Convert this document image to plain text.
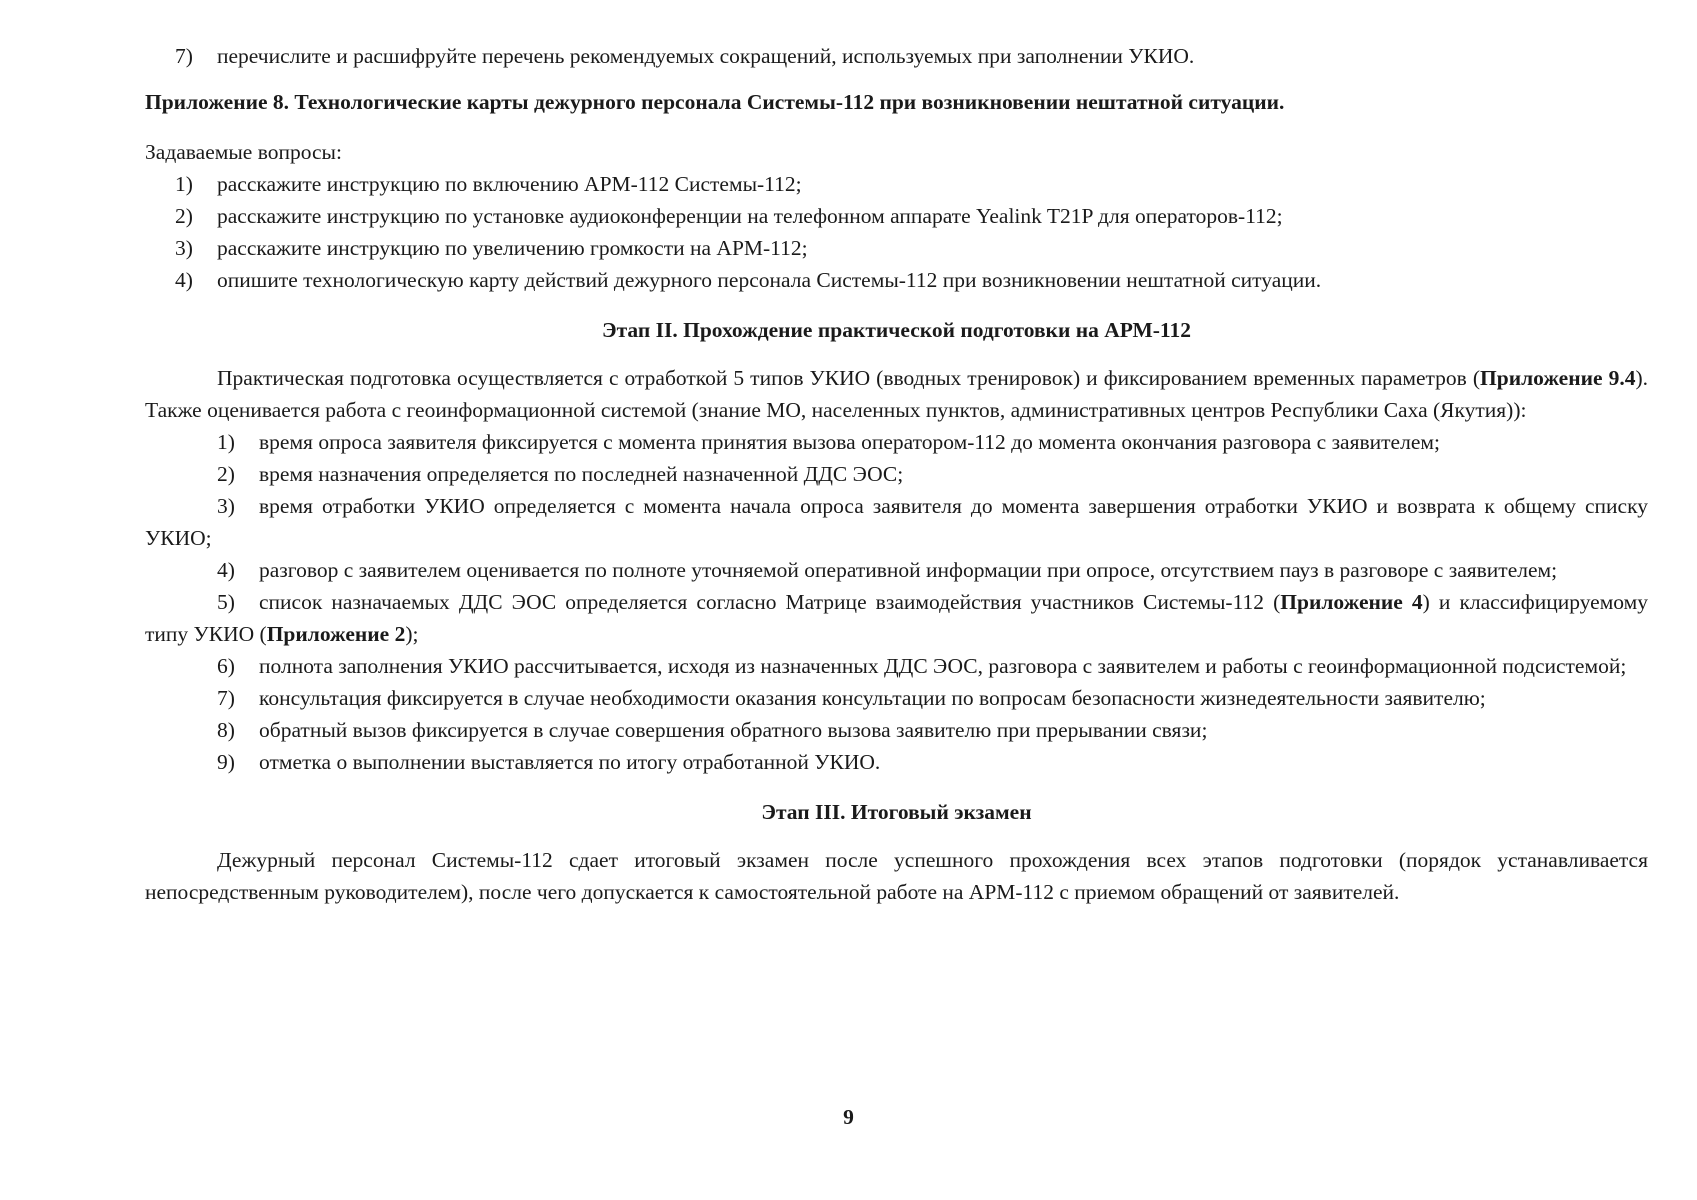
7) перечислите и расшифруйте перечень рекомендуемых сокращений, используемых при заполнении УКИО.

Приложение 8. Технологические карты дежурного персонала Системы-112 при возникновении нештатной ситуации.

Задаваемые вопросы:

1) расскажите инструкцию по включению АРМ-112 Системы-112;

2) расскажите инструкцию по установке аудиоконференции на телефонном аппарате Yealink T21P для операторов-112;

3) расскажите инструкцию по увеличению громкости на АРМ-112;

4) опишите технологическую карту действий дежурного персонала Системы-112 при возникновении нештатной ситуации.

Этап II. Прохождение практической подготовки на АРМ-112

Практическая подготовка осуществляется с отработкой 5 типов УКИО (вводных тренировок) и фиксированием временных параметров (Приложение 9.4). Также оценивается работа с геоинформационной системой (знание МО, населенных пунктов, административных центров Республики Саха (Якутия)):

1) время опроса заявителя фиксируется с момента принятия вызова оператором-112 до момента окончания разговора с заявителем;

2) время назначения определяется по последней назначенной ДДС ЭОС;

3) время отработки УКИО определяется с момента начала опроса заявителя до момента завершения отработки УКИО и возврата к общему списку УКИО;

4) разговор с заявителем оценивается по полноте уточняемой оперативной информации при опросе, отсутствием пауз в разговоре с заявителем;

5) список назначаемых ДДС ЭОС определяется согласно Матрице взаимодействия участников Системы-112 (Приложение 4) и классифицируемому типу УКИО (Приложение 2);

6) полнота заполнения УКИО рассчитывается, исходя из назначенных ДДС ЭОС, разговора с заявителем и работы с геоинформационной подсистемой;

7) консультация фиксируется в случае необходимости оказания консультации по вопросам безопасности жизнедеятельности заявителю;

8) обратный вызов фиксируется в случае совершения обратного вызова заявителю при прерывании связи;

9) отметка о выполнении выставляется по итогу отработанной УКИО.

Этап III. Итоговый экзамен

Дежурный персонал Системы-112 сдает итоговый экзамен после успешного прохождения всех этапов подготовки (порядок устанавливается непосредственным руководителем), после чего допускается к самостоятельной работе на АРМ-112 с приемом обращений от заявителей.

9
